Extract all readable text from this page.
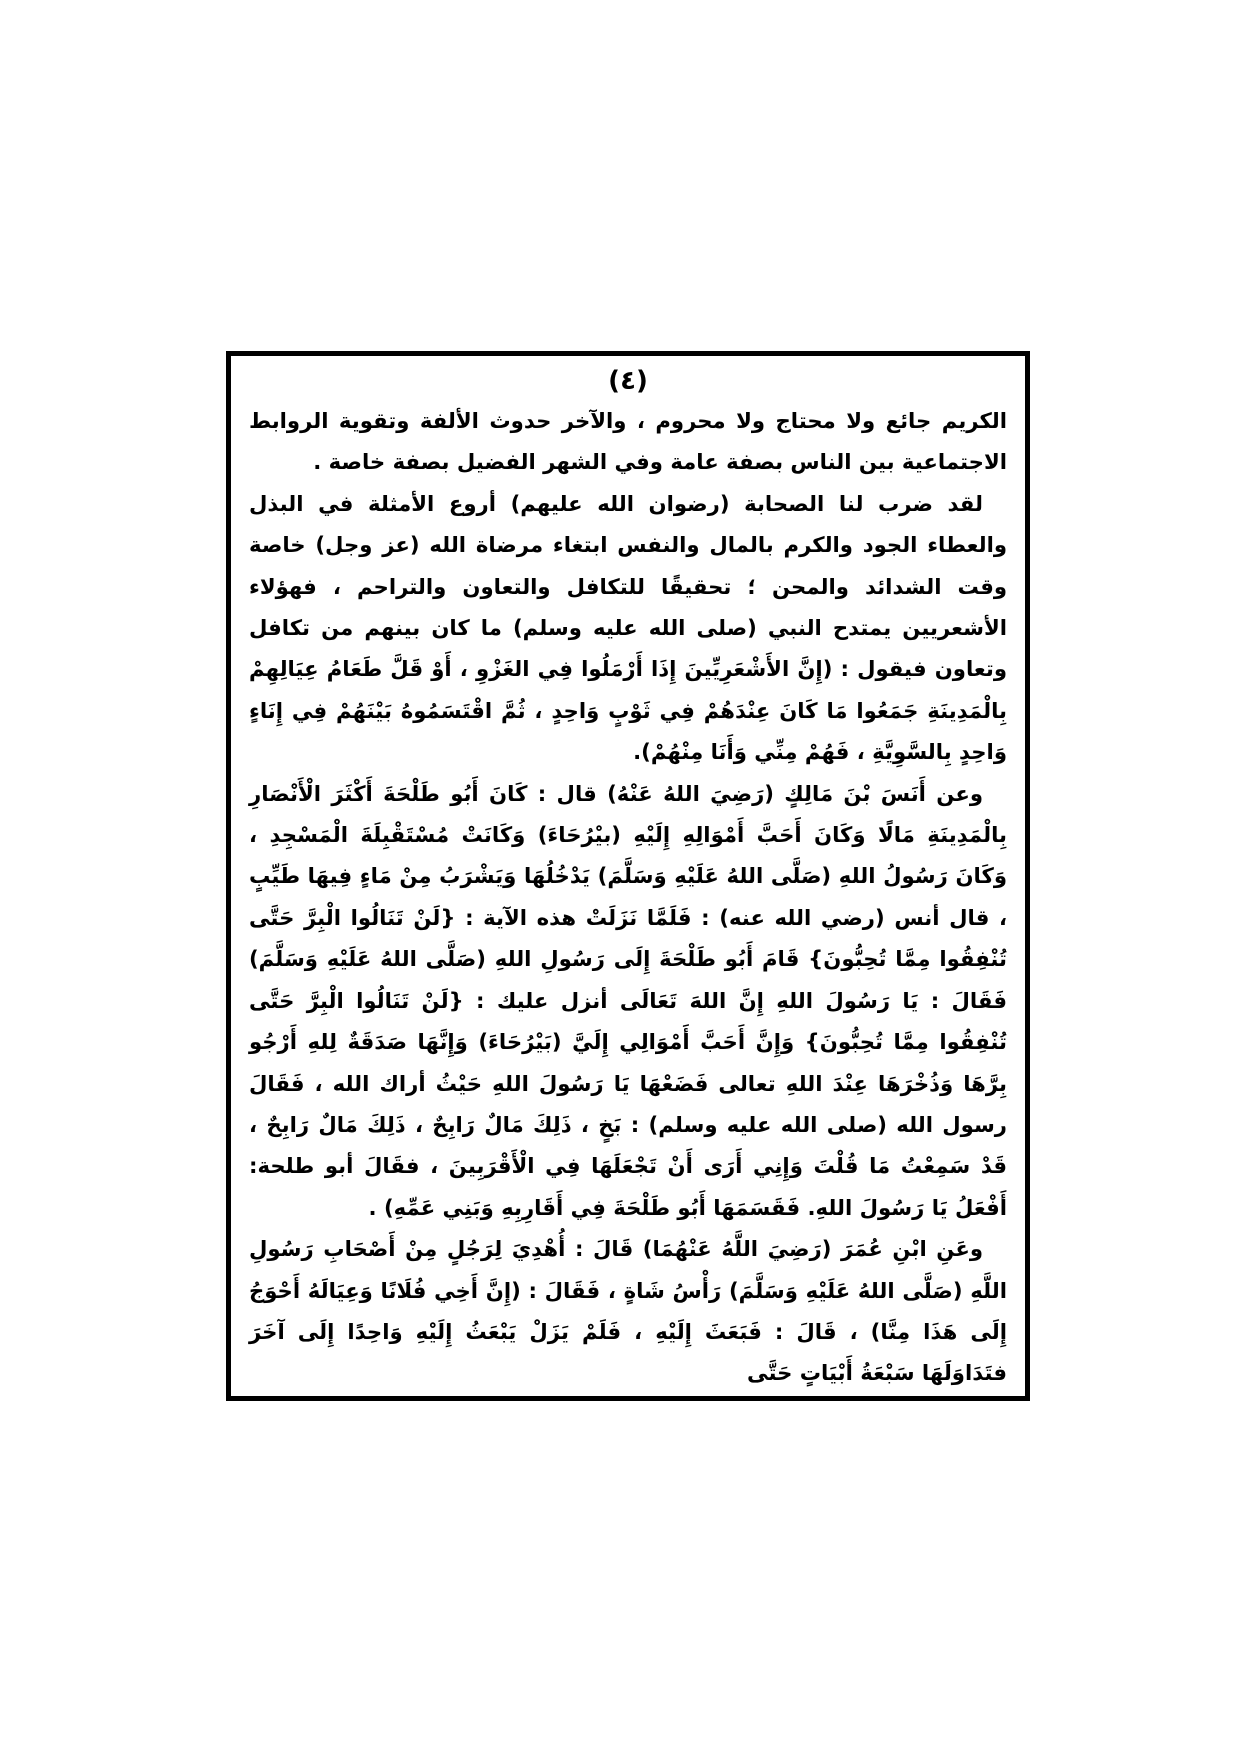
(٤)

الكريم جائع ولا محتاج ولا محروم ، والآخر حدوث الألفة وتقوية الروابط الاجتماعية بين الناس بصفة عامة وفي الشهر الفضيل بصفة خاصة .

لقد ضرب لنا الصحابة (رضوان الله عليهم) أروع الأمثلة في البذل والعطاء الجود والكرم بالمال والنفس ابتغاء مرضاة الله (عز وجل) خاصة وقت الشدائد والمحن ؛ تحقيقًا للتكافل والتعاون والتراحم ، فهؤلاء الأشعريين يمتدح النبي (صلى الله عليه وسلم) ما كان بينهم من تكافل وتعاون فيقول : (إِنَّ الأَشْعَرِيِّينَ إِذَا أَرْمَلُوا فِي الغَزْوِ ، أَوْ قَلَّ طَعَامُ عِيَالِهِمْ بِالْمَدِينَةِ جَمَعُوا مَا كَانَ عِنْدَهُمْ فِي ثَوْبٍ وَاحِدٍ ، ثُمَّ اقْتَسَمُوهُ بَيْنَهُمْ فِي إِنَاءٍ وَاحِدٍ بِالسَّوِيَّةِ ، فَهُمْ مِنِّي وَأَنَا مِنْهُمْ).

وعن أَنَسَ بْنَ مَالِكٍ (رَضِيَ اللهُ عَنْهُ) قال : كَانَ أَبُو طَلْحَةَ أَكْثَرَ الْأَنْصَارِ بِالْمَدِينَةِ مَالًا وَكَانَ أَحَبَّ أَمْوَالِهِ إِلَيْهِ (بيْرُحَاءَ) وَكَانَتْ مُسْتَقْبِلَةَ الْمَسْجِدِ ، وَكَانَ رَسُولُ اللهِ (صَلَّى اللهُ عَلَيْهِ وَسَلَّمَ) يَدْخُلُهَا وَيَشْرَبُ مِنْ مَاءٍ فِيهَا طَيِّبٍ ، قال أنس (رضي الله عنه) : فَلَمَّا نَزَلَتْ هذه الآية : {لَنْ تَنَالُوا الْبِرَّ حَتَّى تُنْفِقُوا مِمَّا تُحِبُّونَ} قَامَ أَبُو طَلْحَةَ إِلَى رَسُولِ اللهِ (صَلَّى اللهُ عَلَيْهِ وَسَلَّمَ) فَقَالَ : يَا رَسُولَ اللهِ إِنَّ اللهَ تَعَالَى أنزل عليك : {لَنْ تَنَالُوا الْبِرَّ حَتَّى تُنْفِقُوا مِمَّا تُحِبُّونَ} وَإِنَّ أَحَبَّ أَمْوَالِي إِلَيَّ (بَيْرُحَاءَ) وَإِنَّهَا صَدَقَةٌ لِلهِ أَرْجُو بِرَّهَا وَذُخْرَهَا عِنْدَ اللهِ تعالى فَضَعْهَا يَا رَسُولَ اللهِ حَيْثُ أراك الله ، فَقَالَ رسول الله (صلى الله عليه وسلم) : بَخٍ ، ذَلِكَ مَالٌ رَابِحٌ ، ذَلِكَ مَالٌ رَابِحٌ ، قَدْ سَمِعْتُ مَا قُلْتَ وَإِنِي أَرَى أَنْ تَجْعَلَهَا فِي الْأَقْرَبِينَ ، فقَالَ أبو طلحة: أَفْعَلُ يَا رَسُولَ اللهِ. فَقَسَمَهَا أَبُو طَلْحَةَ فِي أَقَارِبِهِ وَبَنِي عَمِّهِ) .

وعَنِ ابْنِ عُمَرَ (رَضِيَ اللَّهُ عَنْهُمَا) قَالَ : أُهْدِيَ لِرَجُلٍ مِنْ أَصْحَابِ رَسُولِ اللَّهِ (صَلَّى اللهُ عَلَيْهِ وَسَلَّمَ) رَأْسُ شَاةٍ ، فَقَالَ : (إِنَّ أَخِي فُلَانًا وَعِيَالَهُ أَحْوَجُ إِلَى هَذَا مِنَّا) ، قَالَ : فَبَعَثَ إِلَيْهِ ، فَلَمْ يَزَلْ يَبْعَثُ إِلَيْهِ وَاحِدًا إِلَى آخَرَ فتَدَاوَلَهَا سَبْعَةُ أَبْيَاتٍ حَتَّى
